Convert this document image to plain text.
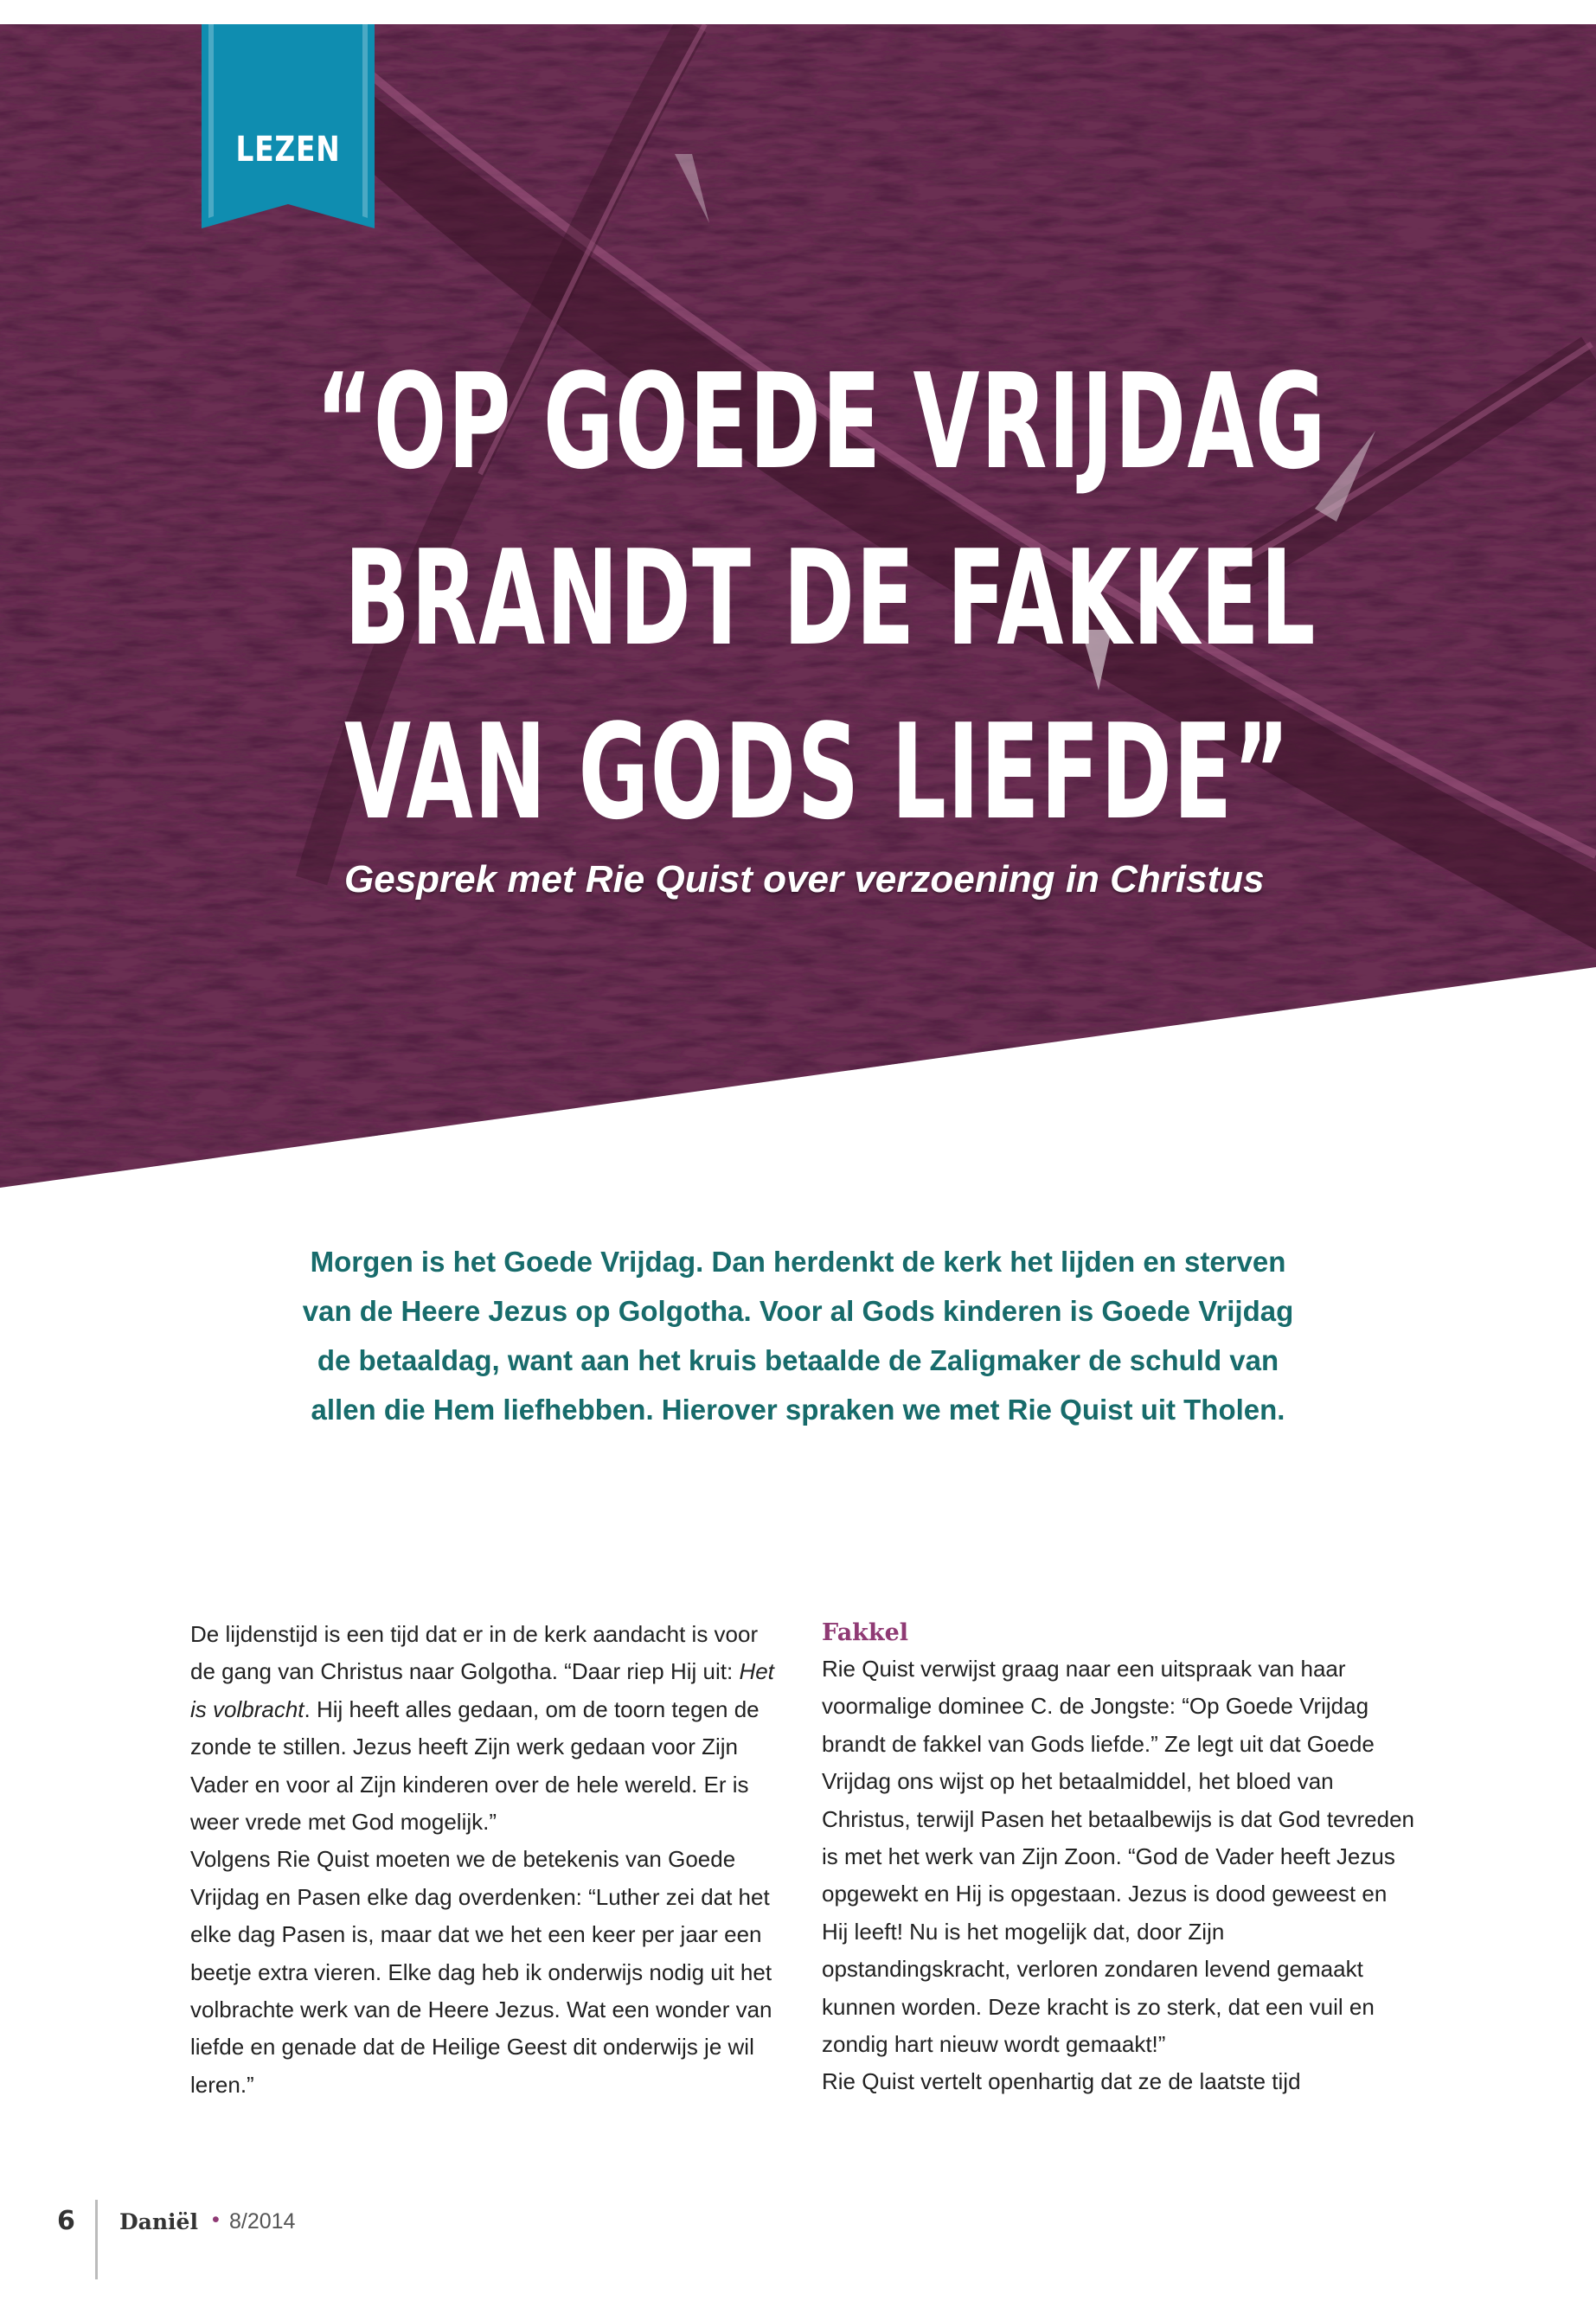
LEZEN
“OP GOEDE VRIJDAG
BRANDT DE FAKKEL
VAN GODS LIEFDE”
Gesprek met Rie Quist over verzoening in Christus

Morgen is het Goede Vrijdag. Dan herdenkt de kerk het lijden en sterven van de Heere Jezus op Golgotha. Voor al Gods kinderen is Goede Vrijdag de betaaldag, want aan het kruis betaalde de Zaligmaker de schuld van allen die Hem liefhebben. Hierover spraken we met Rie Quist uit Tholen.

De lijdenstijd is een tijd dat er in de kerk aandacht is voor de gang van Christus naar Golgotha. “Daar riep Hij uit: Het is volbracht. Hij heeft alles gedaan, om de toorn tegen de zonde te stillen. Jezus heeft Zijn werk gedaan voor Zijn Vader en voor al Zijn kinderen over de hele wereld. Er is weer vrede met God mogelijk.”

Volgens Rie Quist moeten we de betekenis van Goede Vrijdag en Pasen elke dag overdenken: “Luther zei dat het elke dag Pasen is, maar dat we het een keer per jaar een beetje extra vieren. Elke dag heb ik onderwijs nodig uit het volbrachte werk van de Heere Jezus. Wat een wonder van liefde en genade dat de Heilige Geest dit onderwijs je wil leren.”

Fakkel

Rie Quist verwijst graag naar een uitspraak van haar voormalige dominee C. de Jongste: “Op Goede Vrijdag brandt de fakkel van Gods liefde.” Ze legt uit dat Goede Vrijdag ons wijst op het betaalmiddel, het bloed van Christus, terwijl Pasen het betaalbewijs is dat God tevreden is met het werk van Zijn Zoon. “God de Vader heeft Jezus opgewekt en Hij is opgestaan. Jezus is dood geweest en Hij leeft! Nu is het mogelijk dat, door Zijn opstandingskracht, verloren zondaren levend gemaakt kunnen worden. Deze kracht is zo sterk, dat een vuil en zondig hart nieuw wordt gemaakt!”

Rie Quist vertelt openhartig dat ze de laatste tijd

6 Daniël • 8/2014
